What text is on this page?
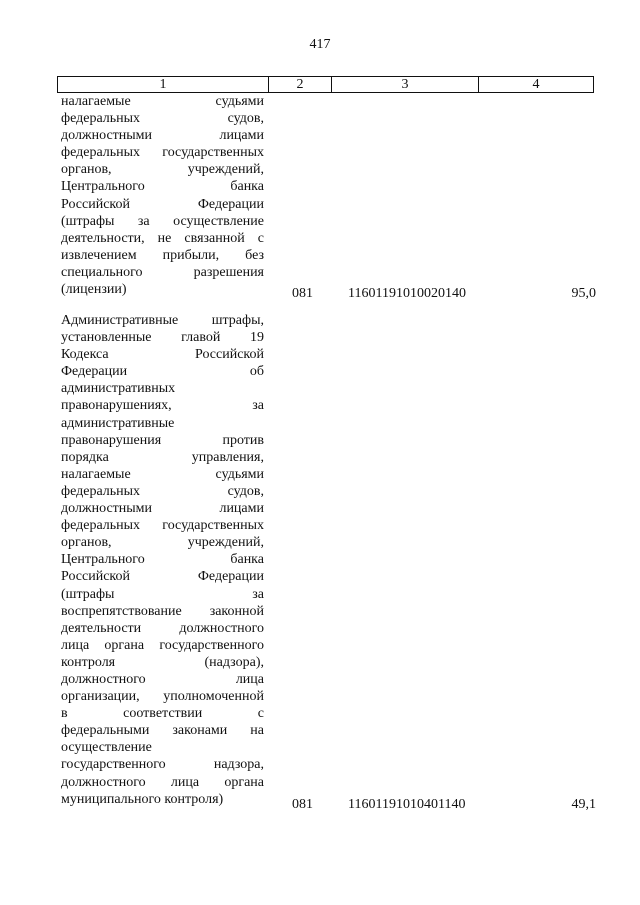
417
1	2	3	4
налагаемые судьями
федеральных судов,
должностными лицами
федеральных государственных
органов, учреждений,
Центрального банка
Российской Федерации
(штрафы за осуществление
деятельности, не связанной с
извлечением прибыли, без
специального разрешения
(лицензии)	081	11601191010020140	95,0
Административные штрафы,
установленные главой 19
Кодекса Российской
Федерации об
административных
правонарушениях, за
административные
правонарушения против
порядка управления,
налагаемые судьями
федеральных судов,
должностными лицами
федеральных государственных
органов, учреждений,
Центрального банка
Российской Федерации
(штрафы за
воспрепятствование законной
деятельности должностного
лица органа государственного
контроля (надзора),
должностного лица
организации, уполномоченной
в соответствии с
федеральными законами на
осуществление
государственного надзора,
должностного лица органа
муниципального контроля)	081	11601191010401140	49,1
